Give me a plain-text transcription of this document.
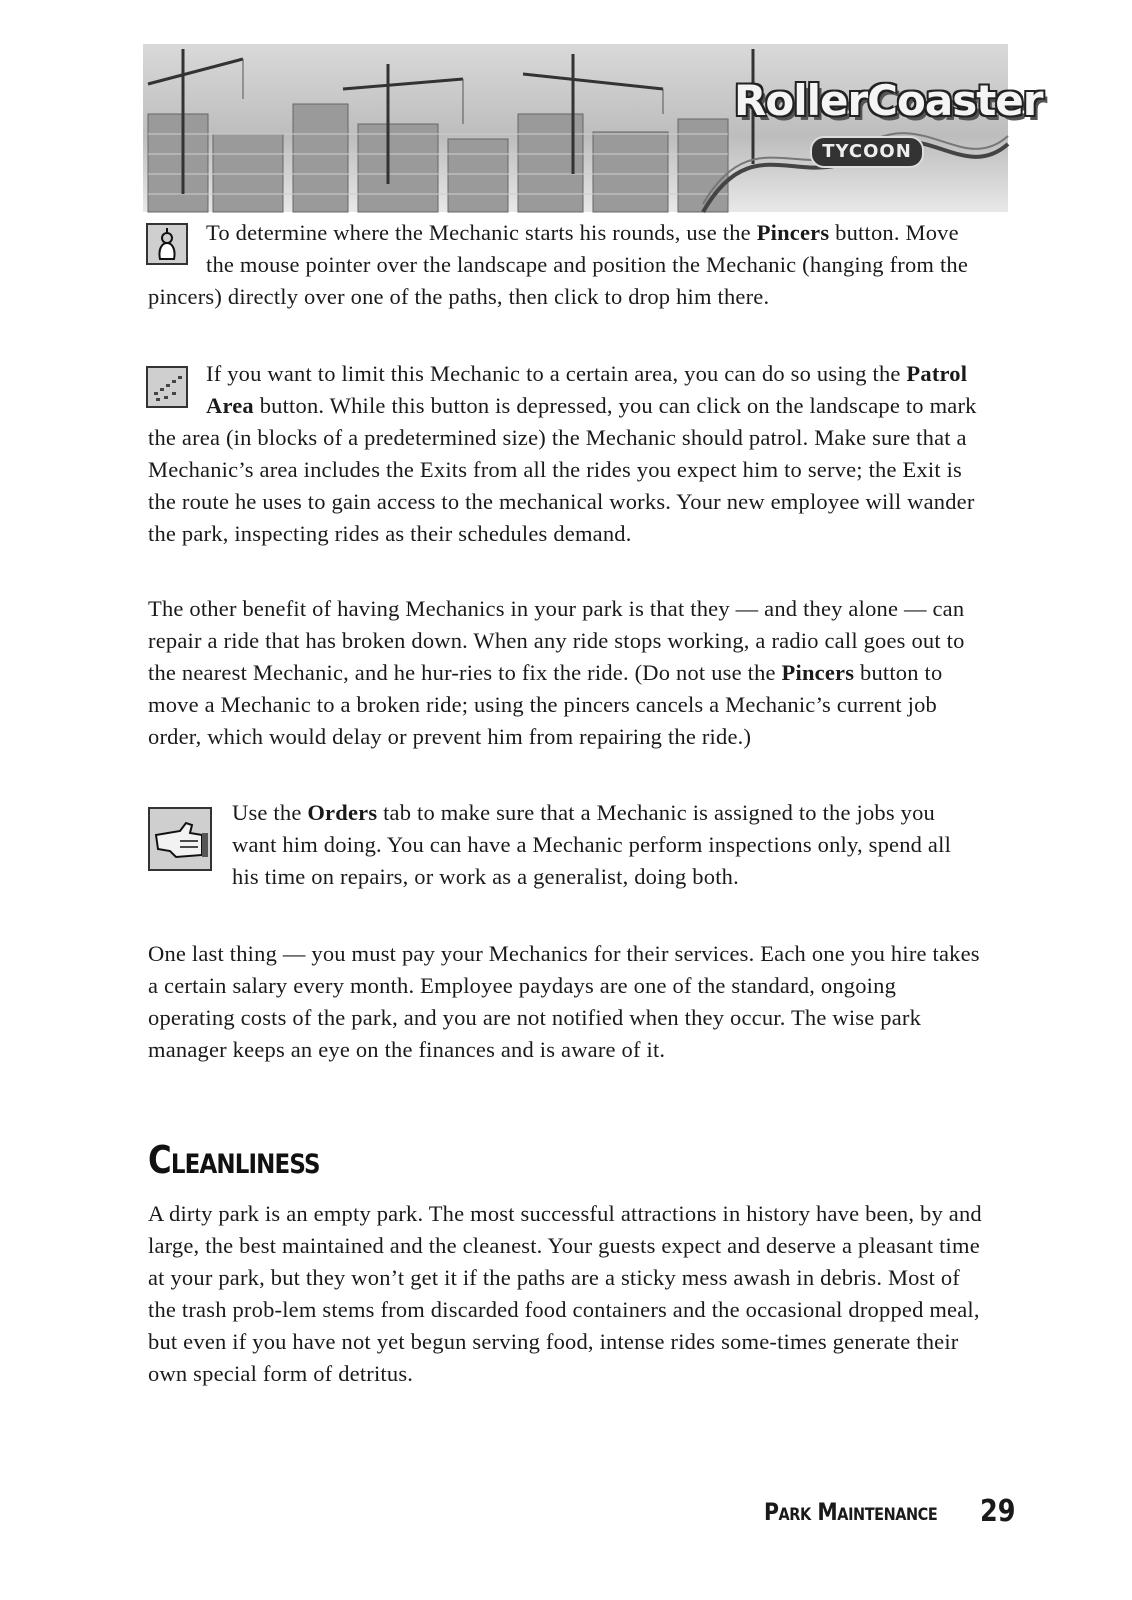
RollerCoaster
TYCOON

To determine where the Mechanic starts his rounds, use the Pincers button. Move the mouse pointer over the landscape and position the Mechanic (hanging from the pincers) directly over one of the paths, then click to drop him there.

If you want to limit this Mechanic to a certain area, you can do so using the Patrol Area button. While this button is depressed, you can click on the landscape to mark the area (in blocks of a predetermined size) the Mechanic should patrol. Make sure that a Mechanic’s area includes the Exits from all the rides you expect him to serve; the Exit is the route he uses to gain access to the mechanical works. Your new employee will wander the park, inspecting rides as their schedules demand.

The other benefit of having Mechanics in your park is that they — and they alone — can repair a ride that has broken down. When any ride stops working, a radio call goes out to the nearest Mechanic, and he hur-ries to fix the ride. (Do not use the Pincers button to move a Mechanic to a broken ride; using the pincers cancels a Mechanic’s current job order, which would delay or prevent him from repairing the ride.)

Use the Orders tab to make sure that a Mechanic is assigned to the jobs you want him doing. You can have a Mechanic perform inspections only, spend all his time on repairs, or work as a generalist, doing both.

One last thing — you must pay your Mechanics for their services. Each one you hire takes a certain salary every month. Employee paydays are one of the standard, ongoing operating costs of the park, and you are not notified when they occur. The wise park manager keeps an eye on the finances and is aware of it.

Cleanliness

A dirty park is an empty park. The most successful attractions in history have been, by and large, the best maintained and the cleanest. Your guests expect and deserve a pleasant time at your park, but they won’t get it if the paths are a sticky mess awash in debris. Most of the trash prob-lem stems from discarded food containers and the occasional dropped meal, but even if you have not yet begun serving food, intense rides some-times generate their own special form of detritus.

Park Maintenance 29
